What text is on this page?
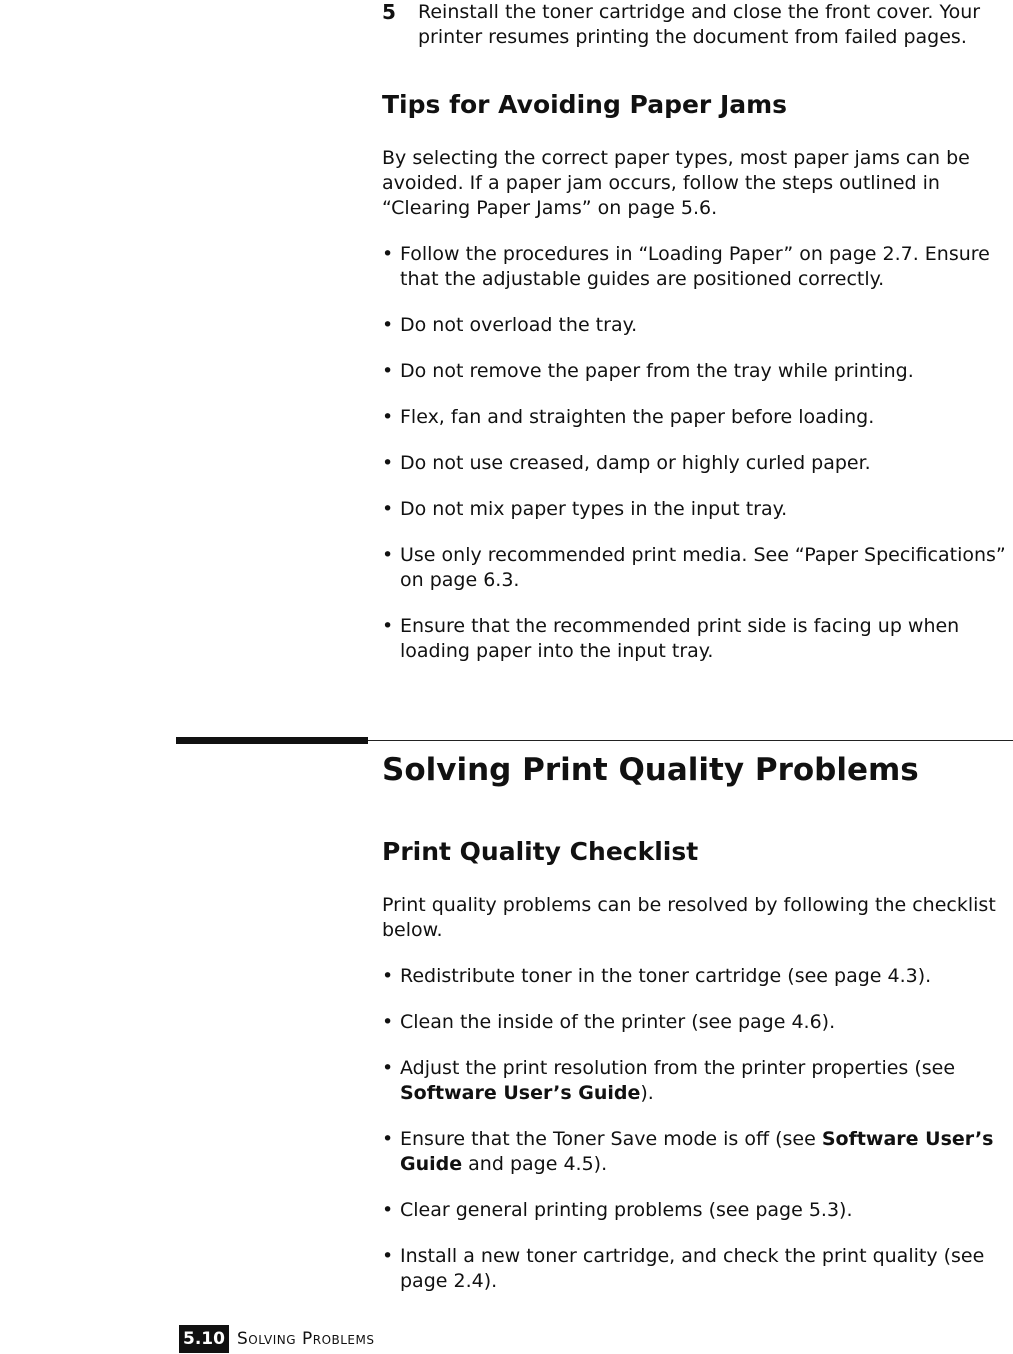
5 Reinstall the toner cartridge and close the front cover. Your printer resumes printing the document from failed pages.
Tips for Avoiding Paper Jams
By selecting the correct paper types, most paper jams can be avoided. If a paper jam occurs, follow the steps outlined in “Clearing Paper Jams” on page 5.6.
• Follow the procedures in “Loading Paper” on page 2.7. Ensure that the adjustable guides are positioned correctly.
• Do not overload the tray.
• Do not remove the paper from the tray while printing.
• Flex, fan and straighten the paper before loading.
• Do not use creased, damp or highly curled paper.
• Do not mix paper types in the input tray.
• Use only recommended print media. See “Paper Specifications” on page 6.3.
• Ensure that the recommended print side is facing up when loading paper into the input tray.
Solving Print Quality Problems
Print Quality Checklist
Print quality problems can be resolved by following the checklist below.
• Redistribute toner in the toner cartridge (see page 4.3).
• Clean the inside of the printer (see page 4.6).
• Adjust the print resolution from the printer properties (see Software User’s Guide).
• Ensure that the Toner Save mode is off (see Software User’s Guide and page 4.5).
• Clear general printing problems (see page 5.3).
• Install a new toner cartridge, and check the print quality (see page 2.4).
5.10 Solving Problems
